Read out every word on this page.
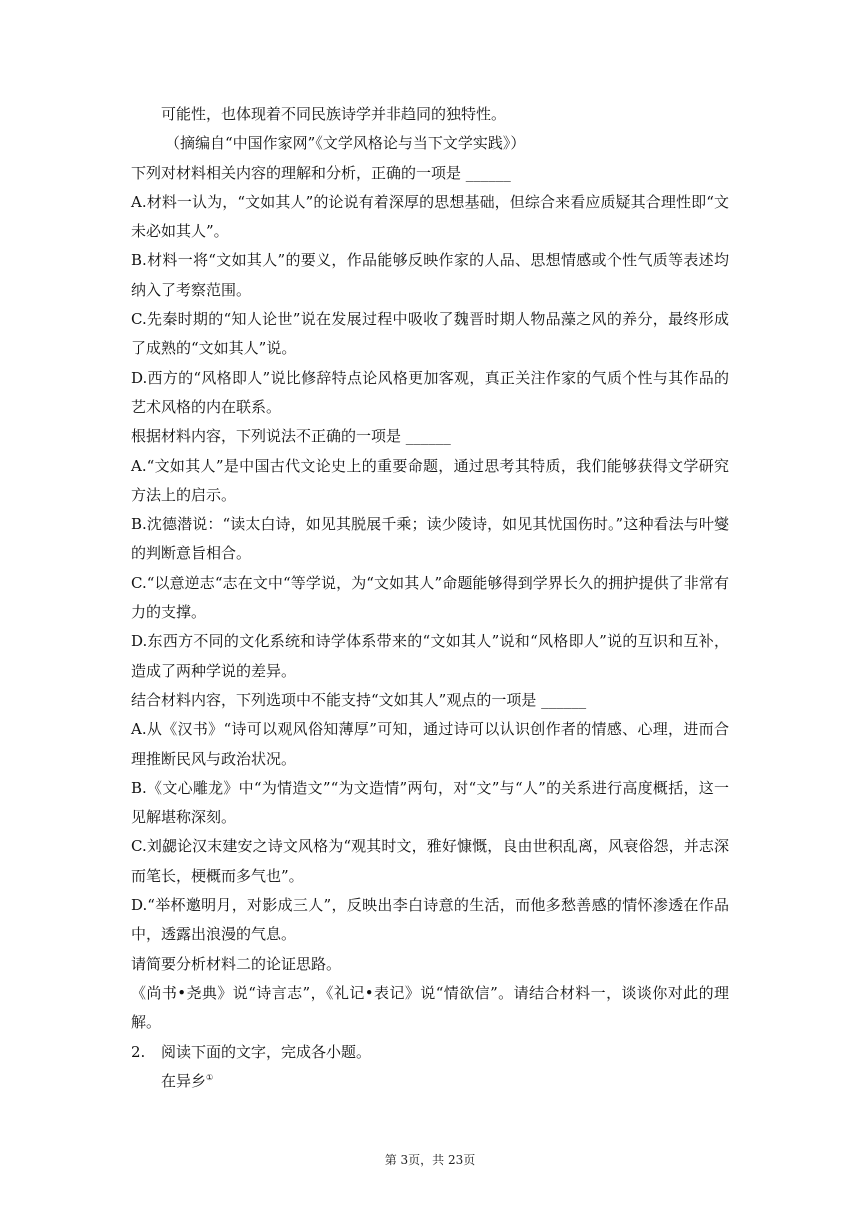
可能性，也体现着不同民族诗学并非趋同的独特性。

（摘编自“中国作家网”《文学风格论与当下文学实践》）

下列对材料相关内容的理解和分析，正确的一项是 ______

A.材料一认为，“文如其人”的论说有着深厚的思想基础，但综合来看应质疑其合理性即“文未必如其人”。

B.材料一将“文如其人”的要义，作品能够反映作家的人品、思想情感或个性气质等表述均纳入了考察范围。

C.先秦时期的“知人论世”说在发展过程中吸收了魏晋时期人物品藻之风的养分，最终形成了成熟的“文如其人”说。

D.西方的“风格即人”说比修辞特点论风格更加客观，真正关注作家的气质个性与其作品的艺术风格的内在联系。

根据材料内容，下列说法不正确的一项是 ______

A.“文如其人”是中国古代文论史上的重要命题，通过思考其特质，我们能够获得文学研究方法上的启示。

B.沈德潜说：“读太白诗，如见其脱展千乘；读少陵诗，如见其忧国伤时。”这种看法与叶燮的判断意旨相合。

C.“以意逆志“志在文中“等学说，为“文如其人”命题能够得到学界长久的拥护提供了非常有力的支撑。

D.东西方不同的文化系统和诗学体系带来的“文如其人”说和“风格即人”说的互识和互补，造成了两种学说的差异。

结合材料内容，下列选项中不能支持“文如其人”观点的一项是 ______

A.从《汉书》“诗可以观风俗知薄厚”可知，通过诗可以认识创作者的情感、心理，进而合理推断民风与政治状况。

B.《文心雕龙》中“为情造文”“为文造情”两句，对“文”与“人”的关系进行高度概括，这一见解堪称深刻。

C.刘勰论汉末建安之诗文风格为“观其时文，雅好慷慨，良由世积乱离，风衰俗怨，并志深而笔长，梗概而多气也”。

D.“举杯邀明月，对影成三人”，反映出李白诗意的生活，而他多愁善感的情怀渗透在作品中，透露出浪漫的气息。

请简要分析材料二的论证思路。

《尚书•尧典》说“诗言志”，《礼记•表记》说“情欲信”。请结合材料一，谈谈你对此的理解。

2. 阅读下面的文字，完成各小题。

在异乡①

第 3页，共 23页
